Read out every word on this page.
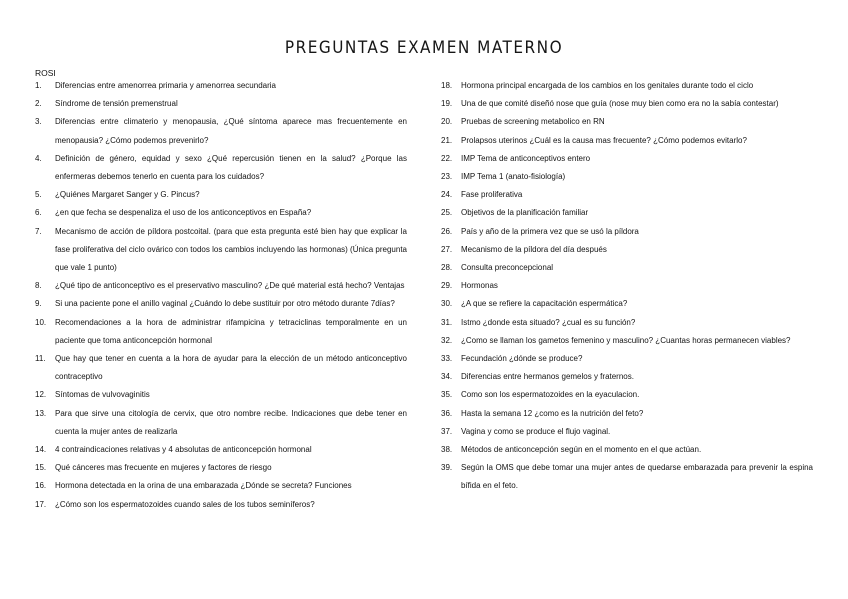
PREGUNTAS EXAMEN MATERNO
ROSI
1.	Diferencias entre amenorrea primaria y amenorrea secundaria
2.	Síndrome de tensión premenstrual
3.	Diferencias entre climaterio y menopausia, ¿Qué síntoma aparece mas frecuentemente en menopausia? ¿Cómo podemos prevenirlo?
4.	Definición de género, equidad y sexo ¿Qué repercusión tienen en la salud? ¿Porque las enfermeras debemos tenerlo en cuenta para los cuidados?
5.	¿Quiénes Margaret Sanger y G. Pincus?
6.	¿en que fecha se despenaliza el uso de los anticonceptivos en España?
7.	Mecanismo de acción de píldora postcoital. (para que esta pregunta esté bien hay que explicar la fase proliferativa del ciclo ovárico con todos los cambios incluyendo las hormonas) (Única pregunta que vale 1 punto)
8.	¿Qué tipo de anticonceptivo es el preservativo masculino? ¿De qué material está hecho? Ventajas
9.	Si una paciente pone el anillo vaginal ¿Cuándo lo debe sustituir por otro método durante 7días?
10.	Recomendaciones a la hora de administrar rifampicina y tetraciclinas temporalmente en un paciente que toma anticoncepción hormonal
11.	Que hay que tener en cuenta a la hora de ayudar para la elección de un método anticonceptivo contraceptivo
12.	Síntomas de vulvovaginitis
13.	Para que sirve una citología de cervix, que otro nombre recibe. Indicaciones que debe tener en cuenta la mujer antes de realizarla
14.	4 contraindicaciones relativas y 4 absolutas de anticoncepción hormonal
15.	Qué cánceres mas frecuente en mujeres y factores de riesgo
16.	Hormona detectada en la orina de una embarazada ¿Dónde se secreta? Funciones
17.	¿Cómo son los espermatozoides cuando sales de los tubos seminíferos?
18.	Hormona principal encargada de los cambios en los genitales durante todo el ciclo
19.	Una de que comité diseñó nose que guía (nose muy bien como era no la sabía contestar)
20.	Pruebas de screening metabolico en RN
21.	Prolapsos uterinos ¿Cuál es la causa mas frecuente? ¿Cómo podemos evitarlo?
22.	IMP Tema de anticonceptivos entero
23.	IMP Tema 1 (anato-fisiología)
24.	Fase proliferativa
25.	Objetivos de la planificación familiar
26.	País y año de la primera vez que se usó la píldora
27.	Mecanismo de la píldora del día después
28.	Consulta preconcepcional
29.	Hormonas
30.	¿A que se refiere la capacitación espermática?
31.	Istmo ¿donde esta situado? ¿cual es su función?
32.	¿Como se llaman los gametos femenino y masculino? ¿Cuantas horas permanecen viables?
33.	Fecundación ¿dónde se produce?
34.	Diferencias entre hermanos gemelos y fraternos.
35.	Como son los espermatozoides en la eyaculacion.
36.	Hasta la semana 12 ¿como es la nutrición del feto?
37.	Vagina y como se produce el flujo vaginal.
38.	Métodos de anticoncepción según en el momento en el que actúan.
39.	Según la OMS que debe tomar una mujer antes de quedarse embarazada para prevenir la espina bífida en el feto.
